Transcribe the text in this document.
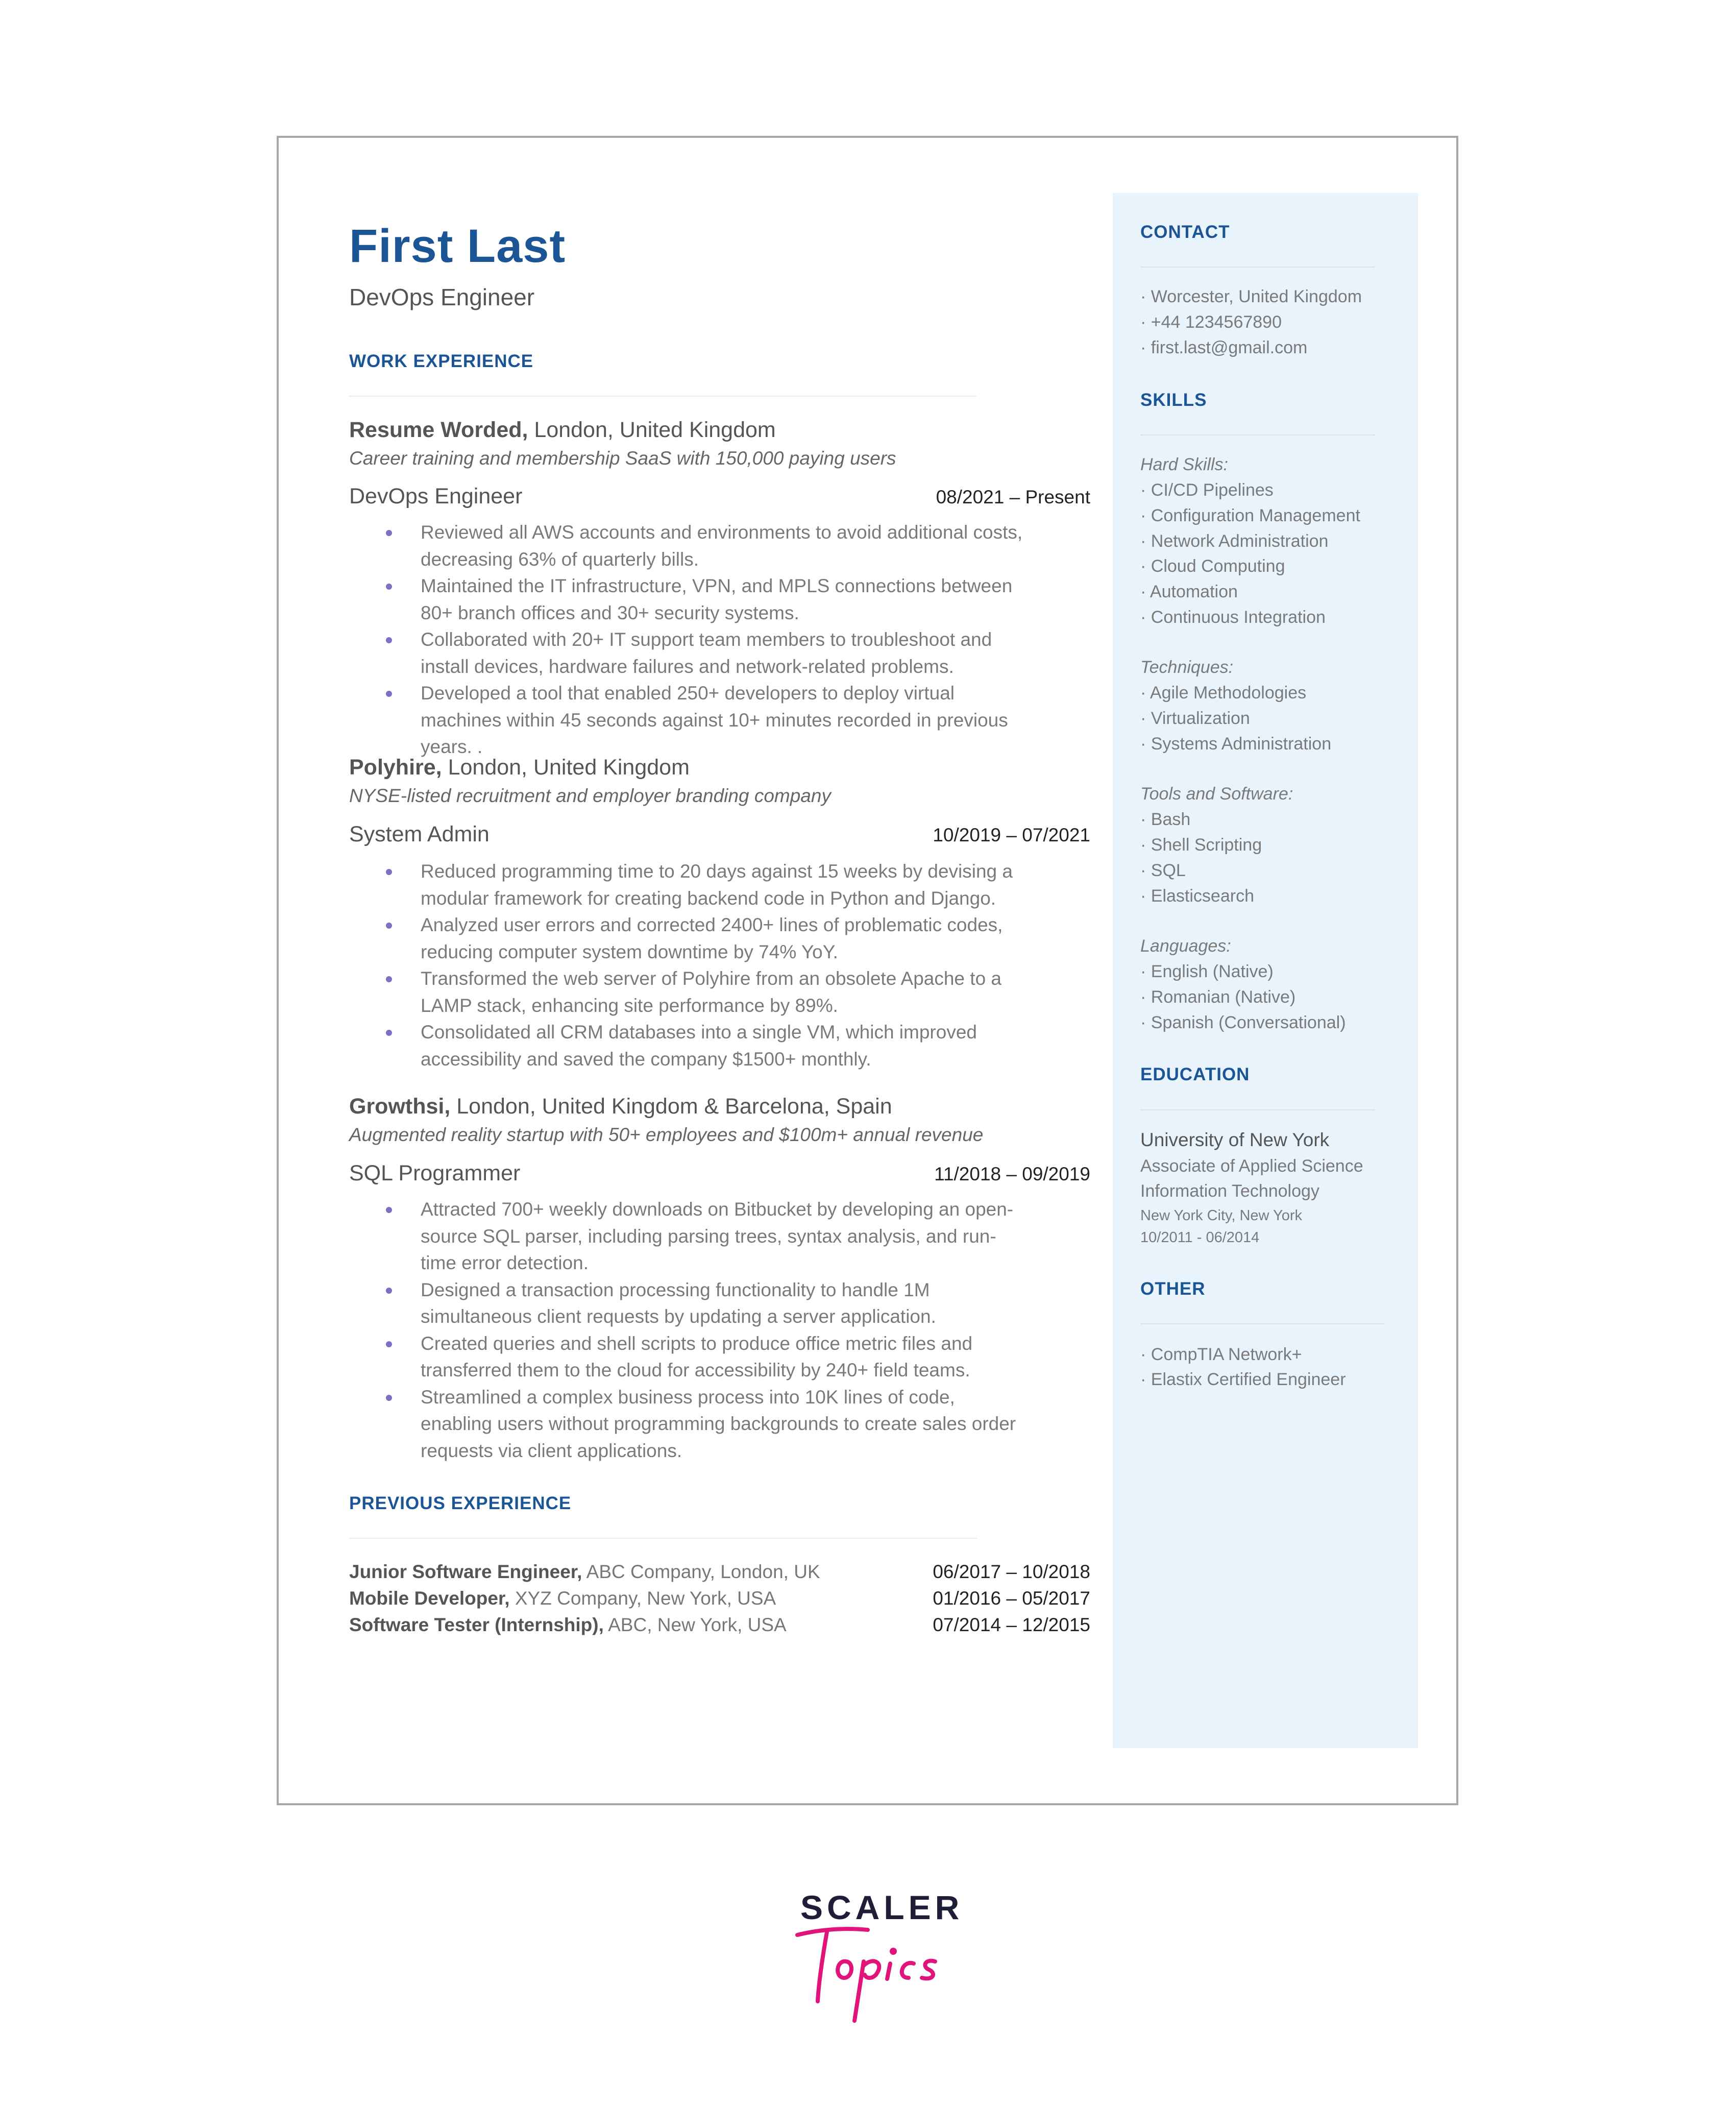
First Last
DevOps Engineer
WORK EXPERIENCE
Resume Worded, London, United Kingdom
Career training and membership SaaS with 150,000 paying users
DevOps Engineer	08/2021 – Present
Reviewed all AWS accounts and environments to avoid additional costs, decreasing 63% of quarterly bills.
Maintained the IT infrastructure, VPN, and MPLS connections between 80+ branch offices and 30+ security systems.
Collaborated with 20+ IT support team members to troubleshoot and install devices, hardware failures and network-related problems.
Developed a tool that enabled 250+ developers to deploy virtual machines within 45 seconds against 10+ minutes recorded in previous years. .
Polyhire, London, United Kingdom
NYSE-listed recruitment and employer branding company
System Admin	10/2019 – 07/2021
Reduced programming time to 20 days against 15 weeks by devising a modular framework for creating backend code in Python and Django.
Analyzed user errors and corrected 2400+ lines of problematic codes, reducing computer system downtime by 74% YoY.
Transformed the web server of Polyhire from an obsolete Apache to a LAMP stack, enhancing site performance by 89%.
Consolidated all CRM databases into a single VM, which improved accessibility and saved the company $1500+ monthly.
Growthsi, London, United Kingdom & Barcelona, Spain
Augmented reality startup with 50+ employees and $100m+ annual revenue
SQL Programmer	11/2018 – 09/2019
Attracted 700+ weekly downloads on Bitbucket by developing an open-source SQL parser, including parsing trees, syntax analysis, and run-time error detection.
Designed a transaction processing functionality to handle 1M simultaneous client requests by updating a server application.
Created queries and shell scripts to produce office metric files and transferred them to the cloud for accessibility by 240+ field teams.
Streamlined a complex business process into 10K lines of code, enabling users without programming backgrounds to create sales order requests via client applications.
PREVIOUS EXPERIENCE
Junior Software Engineer, ABC Company, London, UK	06/2017 – 10/2018
Mobile Developer, XYZ Company, New York, USA	01/2016 – 05/2017
Software Tester (Internship), ABC, New York, USA	07/2014 – 12/2015
CONTACT
· Worcester, United Kingdom
· +44 1234567890
· first.last@gmail.com
SKILLS
Hard Skills:
· CI/CD Pipelines
· Configuration Management
· Network Administration
· Cloud Computing
· Automation
· Continuous Integration
Techniques:
· Agile Methodologies
· Virtualization
· Systems Administration
Tools and Software:
· Bash
· Shell Scripting
· SQL
· Elasticsearch
Languages:
· English (Native)
· Romanian (Native)
· Spanish (Conversational)
EDUCATION
University of New York
Associate of Applied Science
Information Technology
New York City, New York
10/2011 - 06/2014
OTHER
· CompTIA Network+
· Elastix Certified Engineer
SCALER
